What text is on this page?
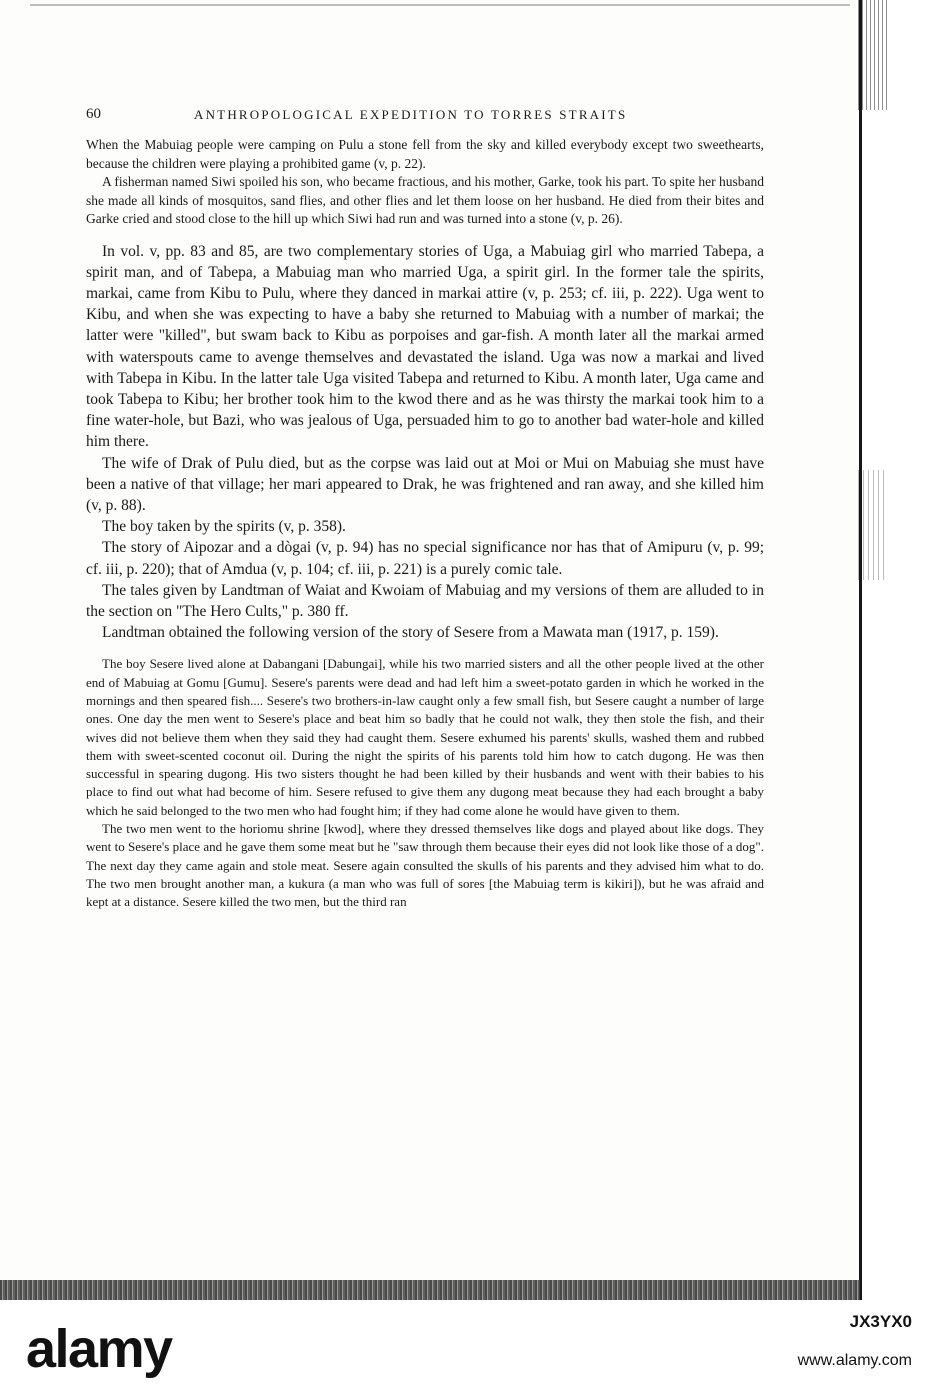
60	ANTHROPOLOGICAL EXPEDITION TO TORRES STRAITS

When the Mabuiag people were camping on Pulu a stone fell from the sky and killed everybody except two sweethearts, because the children were playing a prohibited game (v, p. 22).

A fisherman named Siwi spoiled his son, who became fractious, and his mother, Garke, took his part. To spite her husband she made all kinds of mosquitos, sand flies, and other flies and let them loose on her husband. He died from their bites and Garke cried and stood close to the hill up which Siwi had run and was turned into a stone (v, p. 26).

In vol. v, pp. 83 and 85, are two complementary stories of Uga, a Mabuiag girl who married Tabepa, a spirit man, and of Tabepa, a Mabuiag man who married Uga, a spirit girl. In the former tale the spirits, markai, came from Kibu to Pulu, where they danced in markai attire (v, p. 253; cf. iii, p. 222). Uga went to Kibu, and when she was expecting to have a baby she returned to Mabuiag with a number of markai; the latter were "killed", but swam back to Kibu as porpoises and gar-fish. A month later all the markai armed with waterspouts came to avenge themselves and devastated the island. Uga was now a markai and lived with Tabepa in Kibu. In the latter tale Uga visited Tabepa and returned to Kibu. A month later, Uga came and took Tabepa to Kibu; her brother took him to the kwod there and as he was thirsty the markai took him to a fine water-hole, but Bazi, who was jealous of Uga, persuaded him to go to another bad water-hole and killed him there.

The wife of Drak of Pulu died, but as the corpse was laid out at Moi or Mui on Mabuiag she must have been a native of that village; her mari appeared to Drak, he was frightened and ran away, and she killed him (v, p. 88).

The boy taken by the spirits (v, p. 358).

The story of Aipozar and a dògai (v, p. 94) has no special significance nor has that of Amipuru (v, p. 99; cf. iii, p. 220); that of Amdua (v, p. 104; cf. iii, p. 221) is a purely comic tale.

The tales given by Landtman of Waiat and Kwoiam of Mabuiag and my versions of them are alluded to in the section on "The Hero Cults," p. 380 ff.

Landtman obtained the following version of the story of Sesere from a Mawata man (1917, p. 159).

The boy Sesere lived alone at Dabangani [Dabungai], while his two married sisters and all the other people lived at the other end of Mabuiag at Gomu [Gumu]. Sesere's parents were dead and had left him a sweet-potato garden in which he worked in the mornings and then speared fish.... Sesere's two brothers-in-law caught only a few small fish, but Sesere caught a number of large ones. One day the men went to Sesere's place and beat him so badly that he could not walk, they then stole the fish, and their wives did not believe them when they said they had caught them. Sesere exhumed his parents' skulls, washed them and rubbed them with sweet-scented coconut oil. During the night the spirits of his parents told him how to catch dugong. He was then successful in spearing dugong. His two sisters thought he had been killed by their husbands and went with their babies to his place to find out what had become of him. Sesere refused to give them any dugong meat because they had each brought a baby which he said belonged to the two men who had fought him; if they had come alone he would have given to them.

The two men went to the horiomu shrine [kwod], where they dressed themselves like dogs and played about like dogs. They went to Sesere's place and he gave them some meat but he "saw through them because their eyes did not look like those of a dog". The next day they came again and stole meat. Sesere again consulted the skulls of his parents and they advised him what to do. The two men brought another man, a kukura (a man who was full of sores [the Mabuiag term is kikiri]), but he was afraid and kept at a distance. Sesere killed the two men, but the third ran

alamy	JX3YX0
www.alamy.com
